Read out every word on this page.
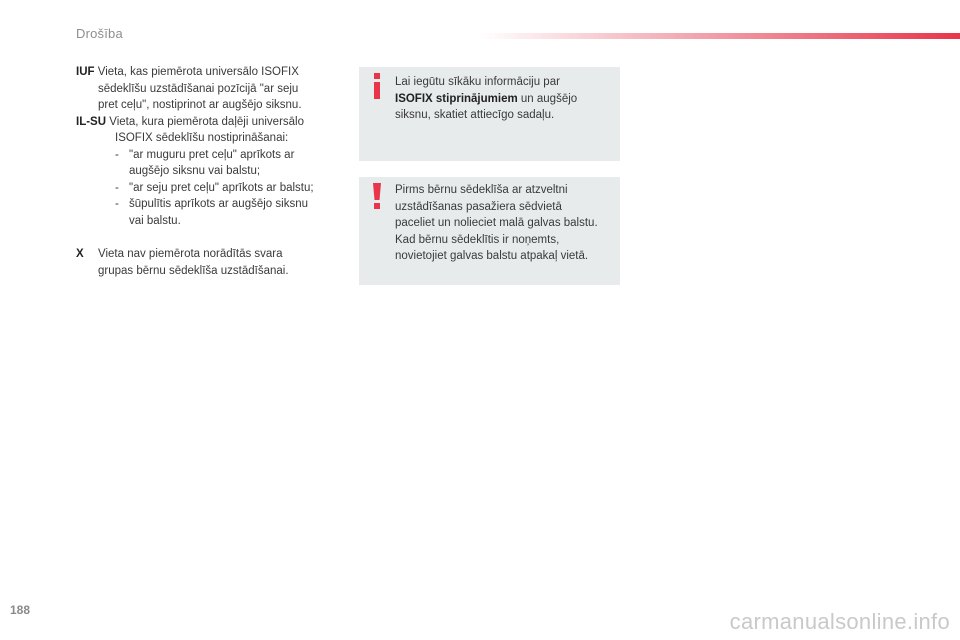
Drošība

IUF Vieta, kas piemērota universālo ISOFIX
sēdeklīšu uzstādīšanai pozīcijā "ar seju
pret ceļu", nostiprinot ar augšējo siksnu.

IL-SU Vieta, kura piemērota daļēji universālo
ISOFIX sēdeklīšu nostiprināšanai:
- "ar muguru pret ceļu" aprīkots ar
augšējo siksnu vai balstu;
- "ar seju pret ceļu" aprīkots ar balstu;
- šūpulītis aprīkots ar augšējo siksnu
vai balstu.

X Vieta nav piemērota norādītās svara
grupas bērnu sēdeklīša uzstādīšanai.

Lai iegūtu sīkāku informāciju par
ISOFIX stiprinājumiem un augšējo
siksnu, skatiet attiecīgo sadaļu.
Pirms bērnu sēdeklīša ar atzveltni
uzstādīšanas pasažiera sēdvietā
paceliet un nolieciet malā galvas balstu.
Kad bērnu sēdeklītis ir noņemts,
novietojiet galvas balstu atpakaļ vietā.
188	carmanualsonline.info
